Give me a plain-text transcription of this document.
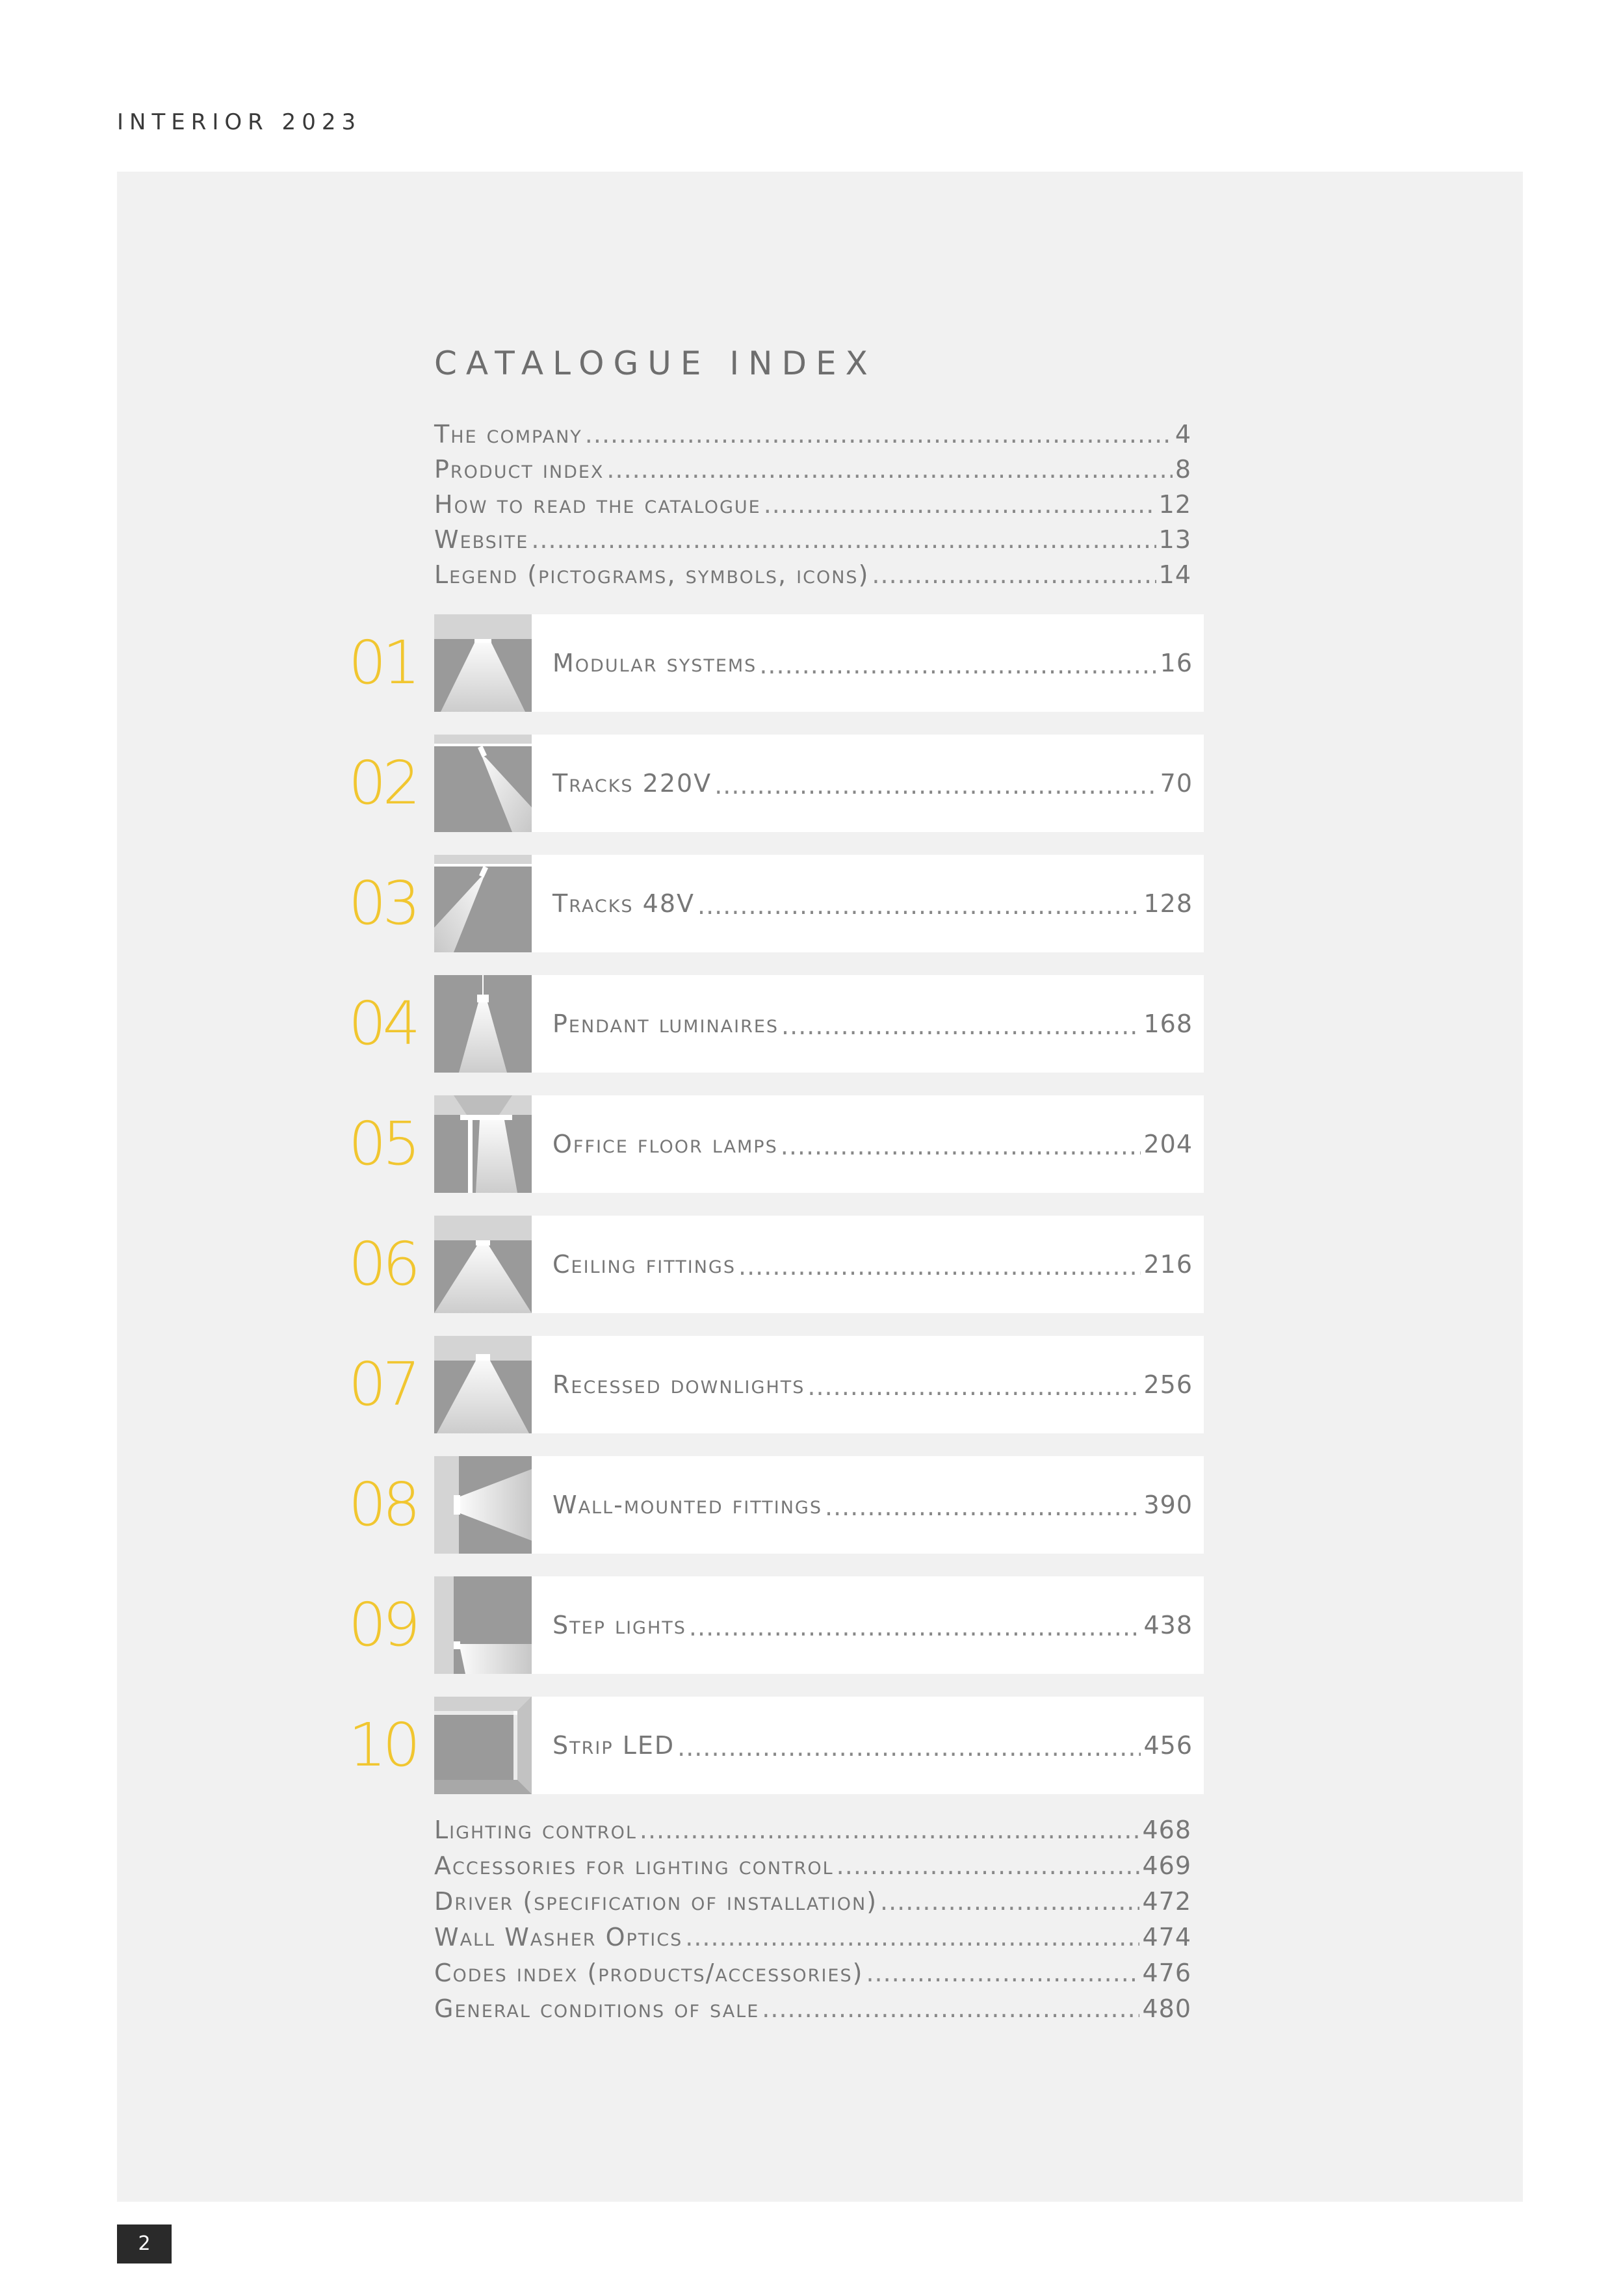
INTERIOR 2023
CATALOGUE INDEX
The company .....	4
Product index .....	8
How to read the catalogue .....	12
Website .....	13
Legend (pictograms, symbols, icons) .....	14
01	Modular systems .....	16
02	Tracks 220V .....	70
03	Tracks 48V .....	128
04	Pendant luminaires .....	168
05	Office floor lamps .....	204
06	Ceiling fittings .....	216
07	Recessed downlights .....	256
08	Wall-mounted fittings .....	390
09	Step lights .....	438
10	Strip LED .....	456
Lighting control .....	468
Accessories for lighting control .....	469
Driver (specification of installation) .....	472
Wall Washer Optics .....	474
Codes index (products/accessories) .....	476
General conditions of sale .....	480
2
